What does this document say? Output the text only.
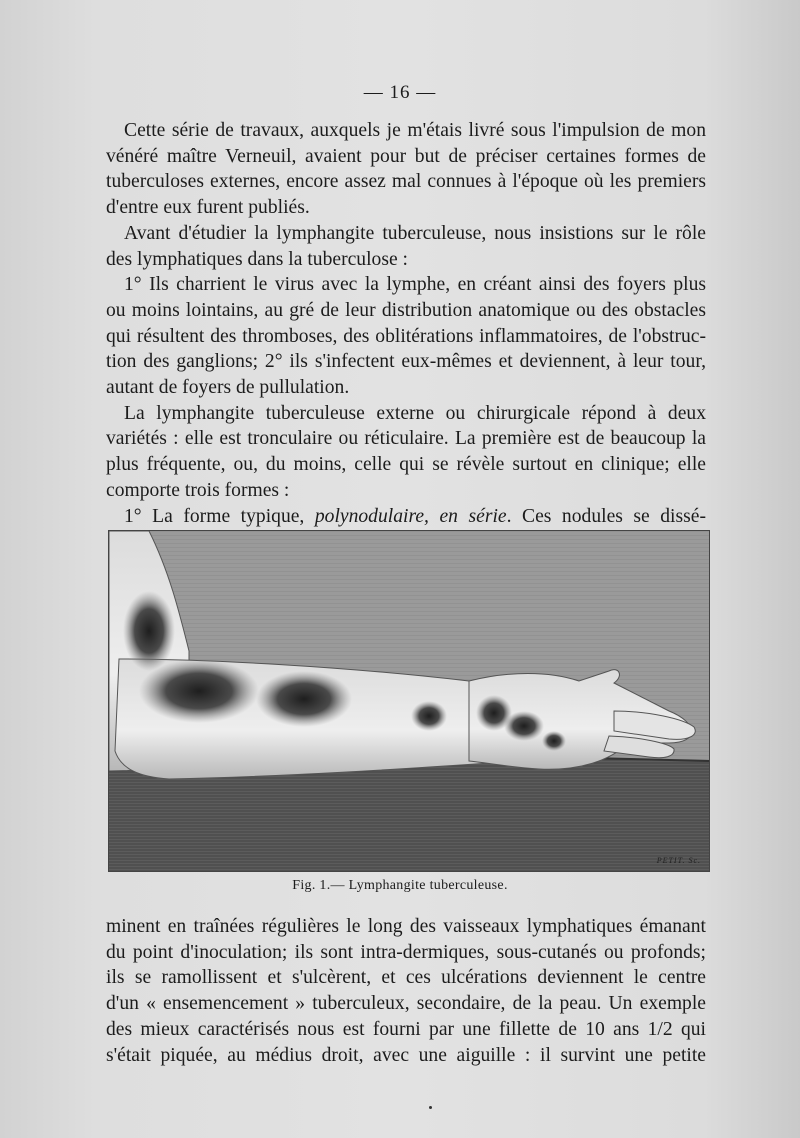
— 16 —

Cette série de travaux, auxquels je m'étais livré sous l'impulsion de mon

vénéré maître Verneuil, avaient pour but de préciser certaines formes de

tuberculoses externes, encore assez mal connues à l'époque où les premiers

d'entre eux furent publiés.

Avant d'étudier la lymphangite tuberculeuse, nous insistions sur le rôle

des lymphatiques dans la tuberculose :

1° Ils charrient le virus avec la lymphe, en créant ainsi des foyers plus

ou moins lointains, au gré de leur distribution anatomique ou des obstacles

qui résultent des thromboses, des oblitérations inflammatoires, de l'obstruc-

tion des ganglions; 2° ils s'infectent eux-mêmes et deviennent, à leur tour,

autant de foyers de pullulation.

La lymphangite tuberculeuse externe ou chirurgicale répond à deux

variétés : elle est tronculaire ou réticulaire. La première est de beaucoup la

plus fréquente, ou, du moins, celle qui se révèle surtout en clinique; elle

comporte trois formes :

1° La forme typique, polynodulaire, en série. Ces nodules se dissé-

PETIT. Sc.
Fig. 1.— Lymphangite tuberculeuse.

minent en traînées régulières le long des vaisseaux lymphatiques émanant

du point d'inoculation; ils sont intra-dermiques, sous-cutanés ou profonds;

ils se ramollissent et s'ulcèrent, et ces ulcérations deviennent le centre

d'un « ensemencement » tuberculeux, secondaire, de la peau. Un exemple

des mieux caractérisés nous est fourni par une fillette de 10 ans 1/2 qui

s'était piquée, au médius droit, avec une aiguille : il survint une petite
